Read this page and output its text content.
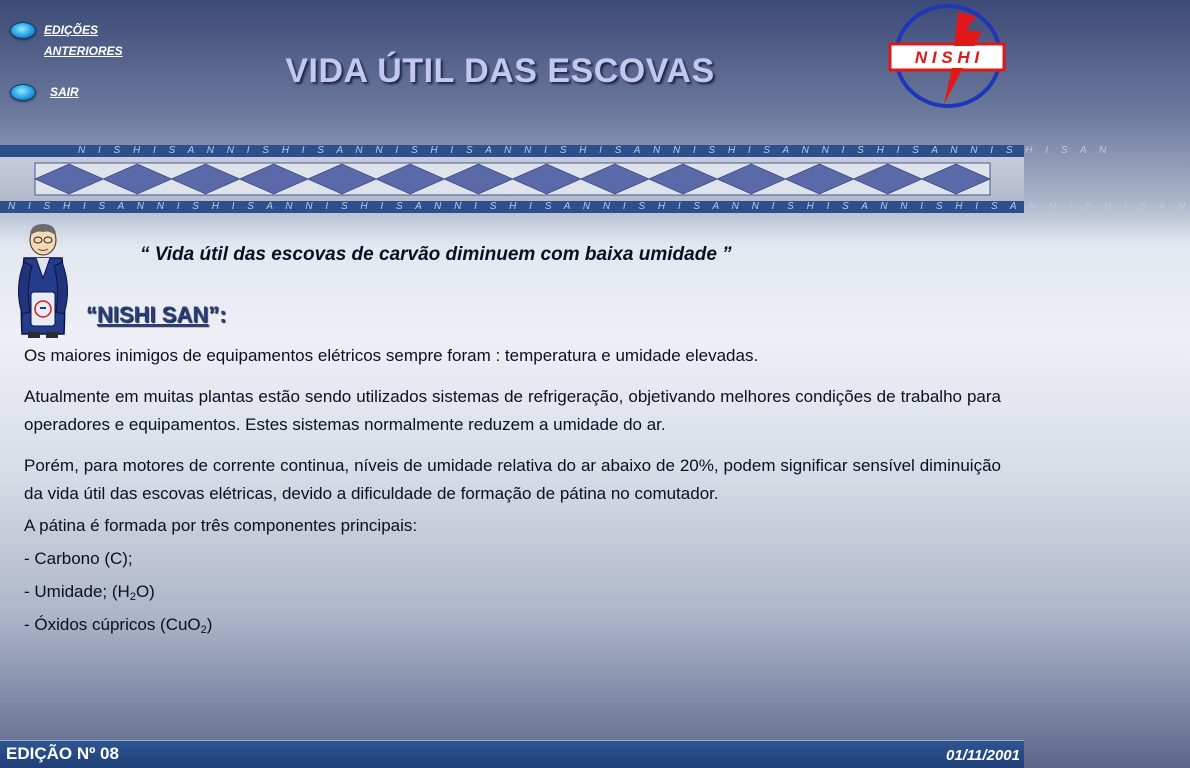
EDIÇÕES
ANTERIORES
SAIR
VIDA ÚTIL DAS ESCOVAS	N I S H I
N I S H I S A N N I S H I S A N N I S H I S A N N I S H I S A N N I S H I S A N N I S H I S A N N I S H I S A N
N I S H I S A N N I S H I S A N N I S H I S A N N I S H I S A N N I S H I S A N N I S H I S A N N I S H I S A N N I S H I S A N
“ Vida útil das escovas de carvão diminuem com baixa umidade ”
“NISHI SAN”:

Os maiores inimigos de equipamentos elétricos sempre foram : temperatura e umidade elevadas.

Atualmente em muitas plantas estão sendo utilizados sistemas de refrigeração, objetivando melhores condições de trabalho para operadores e equipamentos. Estes sistemas normalmente reduzem a umidade do ar.

Porém, para motores de corrente continua, níveis de umidade relativa do ar abaixo de 20%, podem significar sensível diminuição da vida útil das escovas elétricas, devido a dificuldade de formação de pátina no comutador.

A pátina é formada por três componentes principais:

- Carbono (C);
- Umidade; $(H_2O)$
- Óxidos cúpricos (CuO$_2$)
EDIÇÃO Nº 08	01/11/2001
